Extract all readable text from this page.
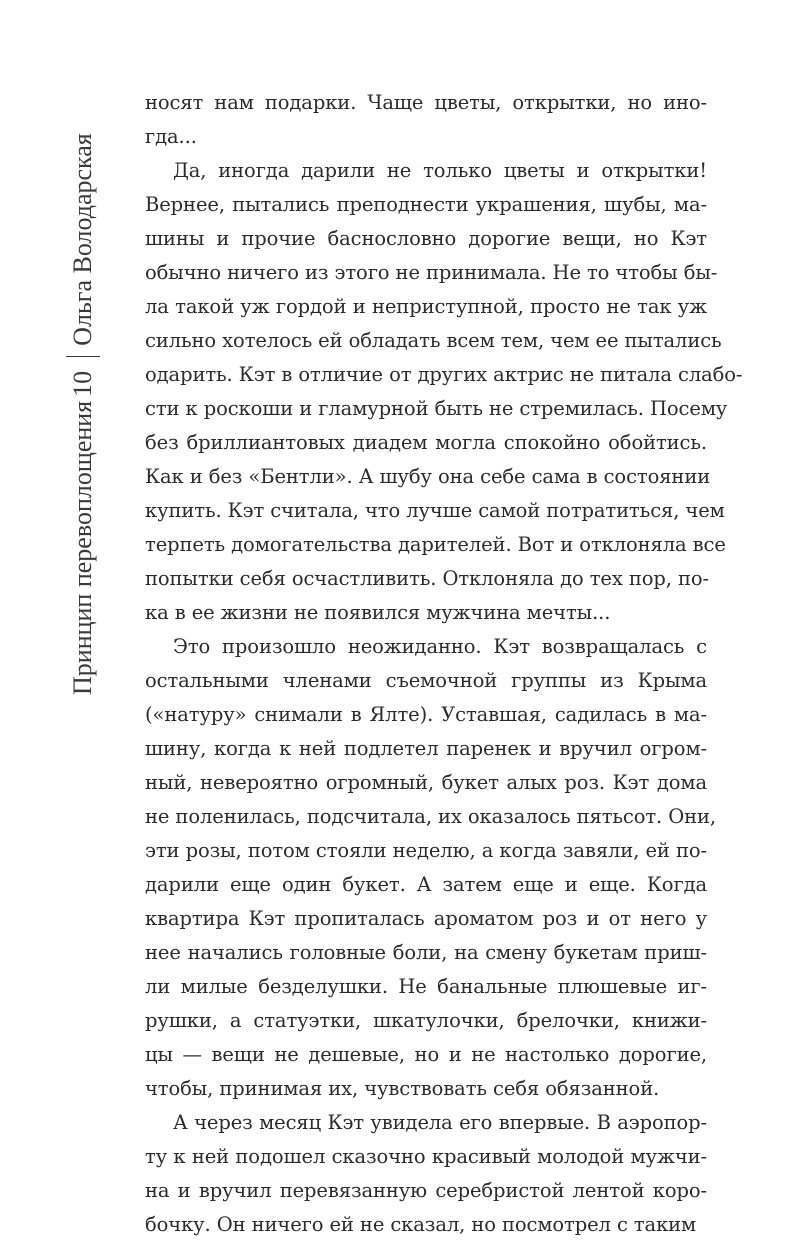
Принцип перевоплощения
10
Ольга Володарская
носят нам подарки. Чаще цветы, открытки, но ино-
гда...
Да, иногда дарили не только цветы и открытки!
Вернее, пытались преподнести украшения, шубы, ма-
шины и прочие баснословно дорогие вещи, но Кэт
обычно ничего из этого не принимала. Не то чтобы бы-
ла такой уж гордой и неприступной, просто не так уж
сильно хотелось ей обладать всем тем, чем ее пытались
одарить. Кэт в отличие от других актрис не питала слабо-
сти к роскоши и гламурной быть не стремилась. Посему
без бриллиантовых диадем могла спокойно обойтись.
Как и без «Бентли». А шубу она себе сама в состоянии
купить. Кэт считала, что лучше самой потратиться, чем
терпеть домогательства дарителей. Вот и отклоняла все
попытки себя осчастливить. Отклоняла до тех пор, по-
ка в ее жизни не появился мужчина мечты...
Это произошло неожиданно. Кэт возвращалась с
остальными членами съемочной группы из Крыма
(«натуру» снимали в Ялте). Уставшая, садилась в ма-
шину, когда к ней подлетел паренек и вручил огром-
ный, невероятно огромный, букет алых роз. Кэт дома
не поленилась, подсчитала, их оказалось пятьсот. Они,
эти розы, потом стояли неделю, а когда завяли, ей по-
дарили еще один букет. А затем еще и еще. Когда
квартира Кэт пропиталась ароматом роз и от него у
нее начались головные боли, на смену букетам приш-
ли милые безделушки. Не банальные плюшевые иг-
рушки, а статуэтки, шкатулочки, брелочки, книжи-
цы — вещи не дешевые, но и не настолько дорогие,
чтобы, принимая их, чувствовать себя обязанной.
А через месяц Кэт увидела его впервые. В аэропор-
ту к ней подошел сказочно красивый молодой мужчи-
на и вручил перевязанную серебристой лентой коро-
бочку. Он ничего ей не сказал, но посмотрел с таким
